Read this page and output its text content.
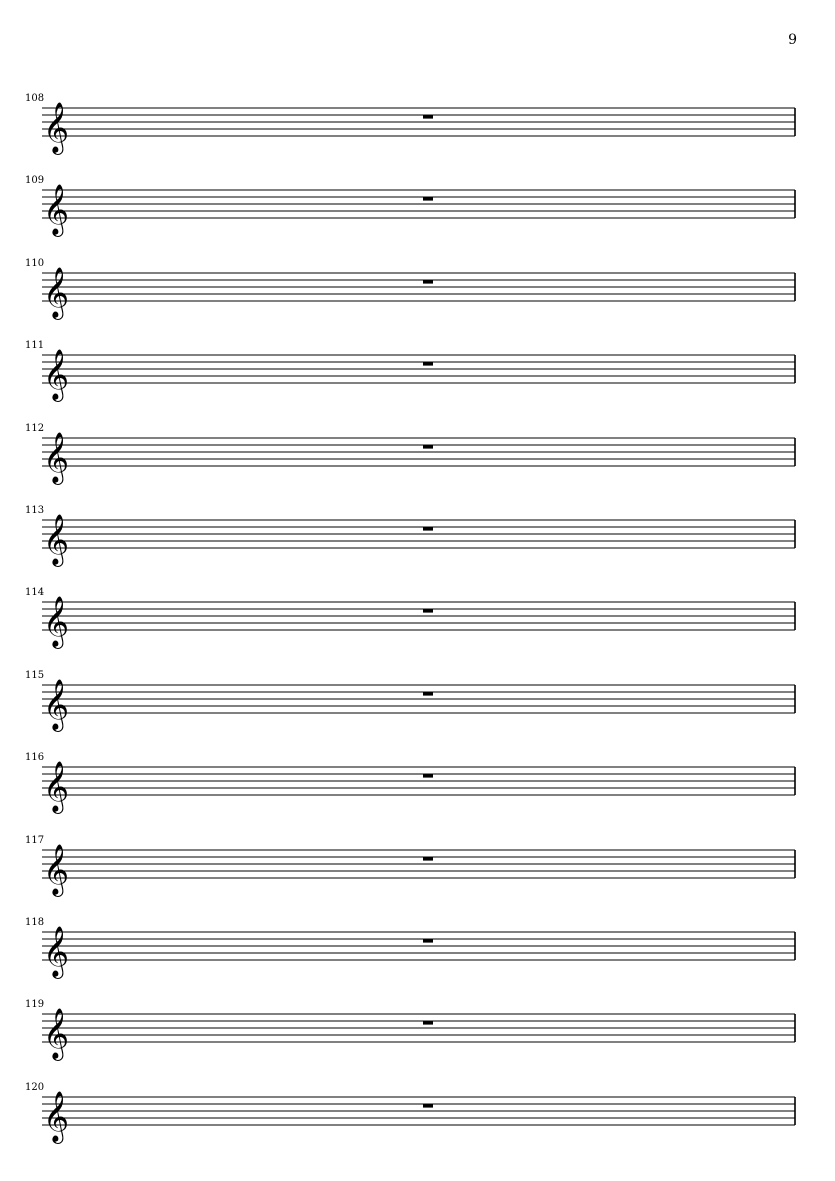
9
108
𝄞
109
𝄞
110
𝄞
111
𝄞
112
𝄞
113
𝄞
114
𝄞
115
𝄞
116
𝄞
117
𝄞
118
𝄞
119
𝄞
120
𝄞
